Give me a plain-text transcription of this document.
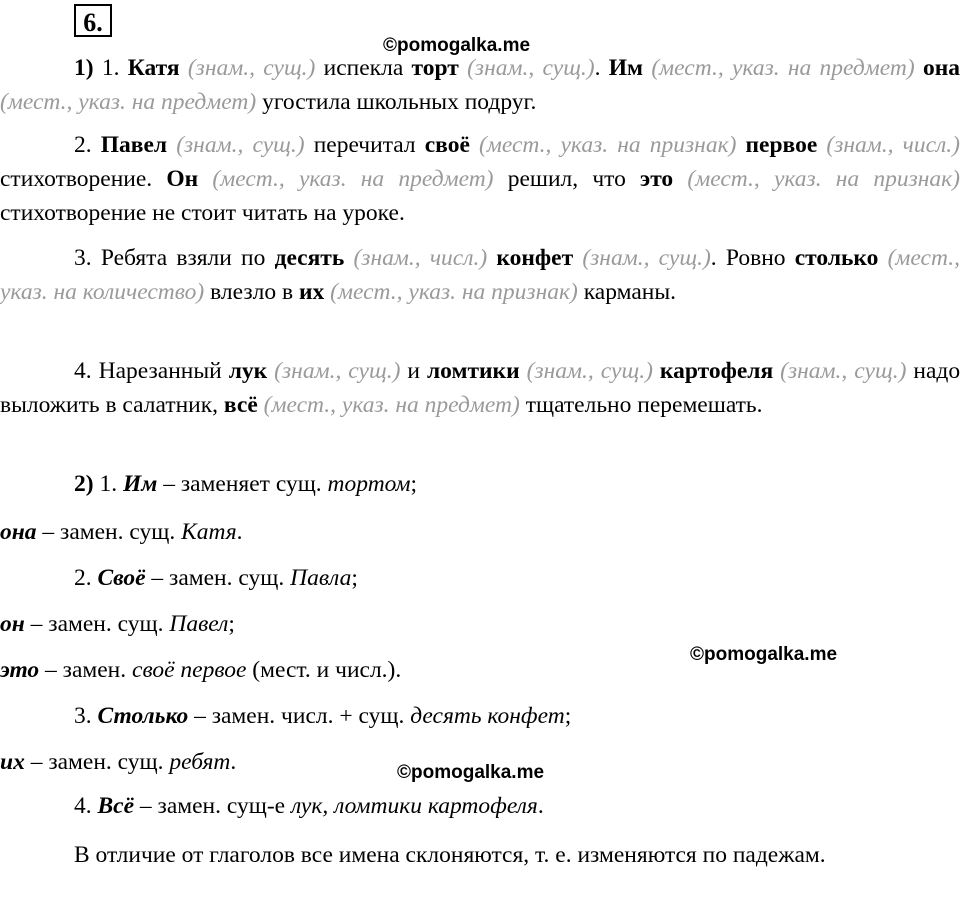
6.
©pomogalka.me
©pomogalka.me
©pomogalka.me

1) 1. Катя (знам., сущ.) испекла торт (знам., сущ.). Им (мест., указ. на предмет) она (мест., указ. на предмет) угостила школьных подруг.

2. Павел (знам., сущ.) перечитал своё (мест., указ. на признак) первое (знам., числ.) стихотворение. Он (мест., указ. на предмет) решил, что это (мест., указ. на признак) стихотворение не стоит читать на уроке.

3. Ребята взяли по десять (знам., числ.) конфет (знам., сущ.). Ровно столько (мест., указ. на количество) влезло в их (мест., указ. на признак) карманы.

4. Нарезанный лук (знам., сущ.) и ломтики (знам., сущ.) картофеля (знам., сущ.) надо выложить в салатник, всё (мест., указ. на предмет) тщательно перемешать.

2) 1. Им – заменяет сущ. тортом;

она – замен. сущ. Катя.

2. Своё – замен. сущ. Павла;

он – замен. сущ. Павел;

это – замен. своё первое (мест. и числ.).

3. Столько – замен. числ. + сущ. десять конфет;

их – замен. сущ. ребят.

4. Всё – замен. сущ-е лук, ломтики картофеля.

В отличие от глаголов все имена склоняются, т. е. изменяются по падежам.
